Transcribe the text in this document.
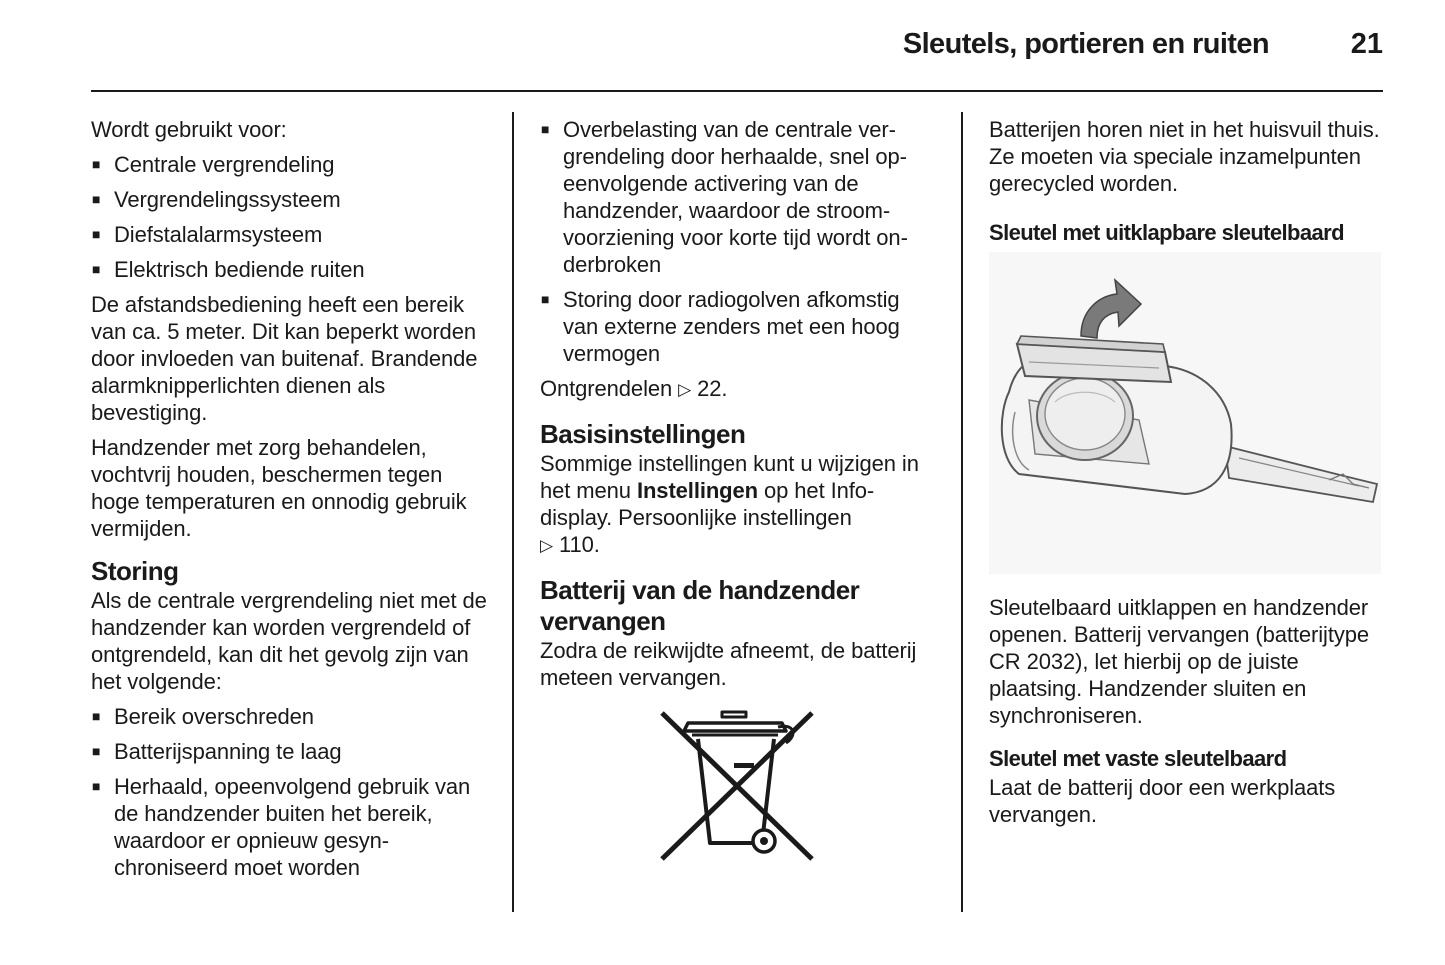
Sleutels, portieren en ruiten	21

Wordt gebruikt voor:

■ Centrale vergrendeling
■ Vergrendelingssysteem
■ Diefstalalarmsysteem
■ Elektrisch bediende ruiten

De afstandsbediening heeft een bereik van ca. 5 meter. Dit kan beperkt worden door invloeden van buitenaf. Brandende alarmknipperlichten dienen als bevestiging.

Handzender met zorg behandelen, vochtvrij houden, beschermen tegen hoge temperaturen en onnodig gebruik vermijden.

Storing

Als de centrale vergrendeling niet met de handzender kan worden vergrendeld of ontgrendeld, kan dit het gevolg zijn van het volgende:

■ Bereik overschreden
■ Batterijspanning te laag
■ Herhaald, opeenvolgend gebruik van de handzender buiten het bereik, waardoor er opnieuw gesynchroniseerd moet worden
■ Overbelasting van de centrale vergrendeling door herhaalde, snel opeenvolgende activering van de handzender, waardoor de stroomvoorziening voor korte tijd wordt onderbroken
■ Storing door radiogolven afkomstig van externe zenders met een hoog vermogen

Ontgrendelen ▷ 22.

Basisinstellingen

Sommige instellingen kunt u wijzigen in het menu Instellingen op het Info-display. Persoonlijke instellingen
▷ 110.

Batterij van de handzender vervangen

Zodra de reikwijdte afneemt, de batterij meteen vervangen.

Batterijen horen niet in het huisvuil thuis. Ze moeten via speciale inzamelpunten gerecycled worden.

Sleutel met uitklapbare sleutelbaard

Sleutelbaard uitklappen en handzender openen. Batterij vervangen (batterijtype CR 2032), let hierbij op de juiste plaatsing. Handzender sluiten en synchroniseren.

Sleutel met vaste sleutelbaard

Laat de batterij door een werkplaats vervangen.
